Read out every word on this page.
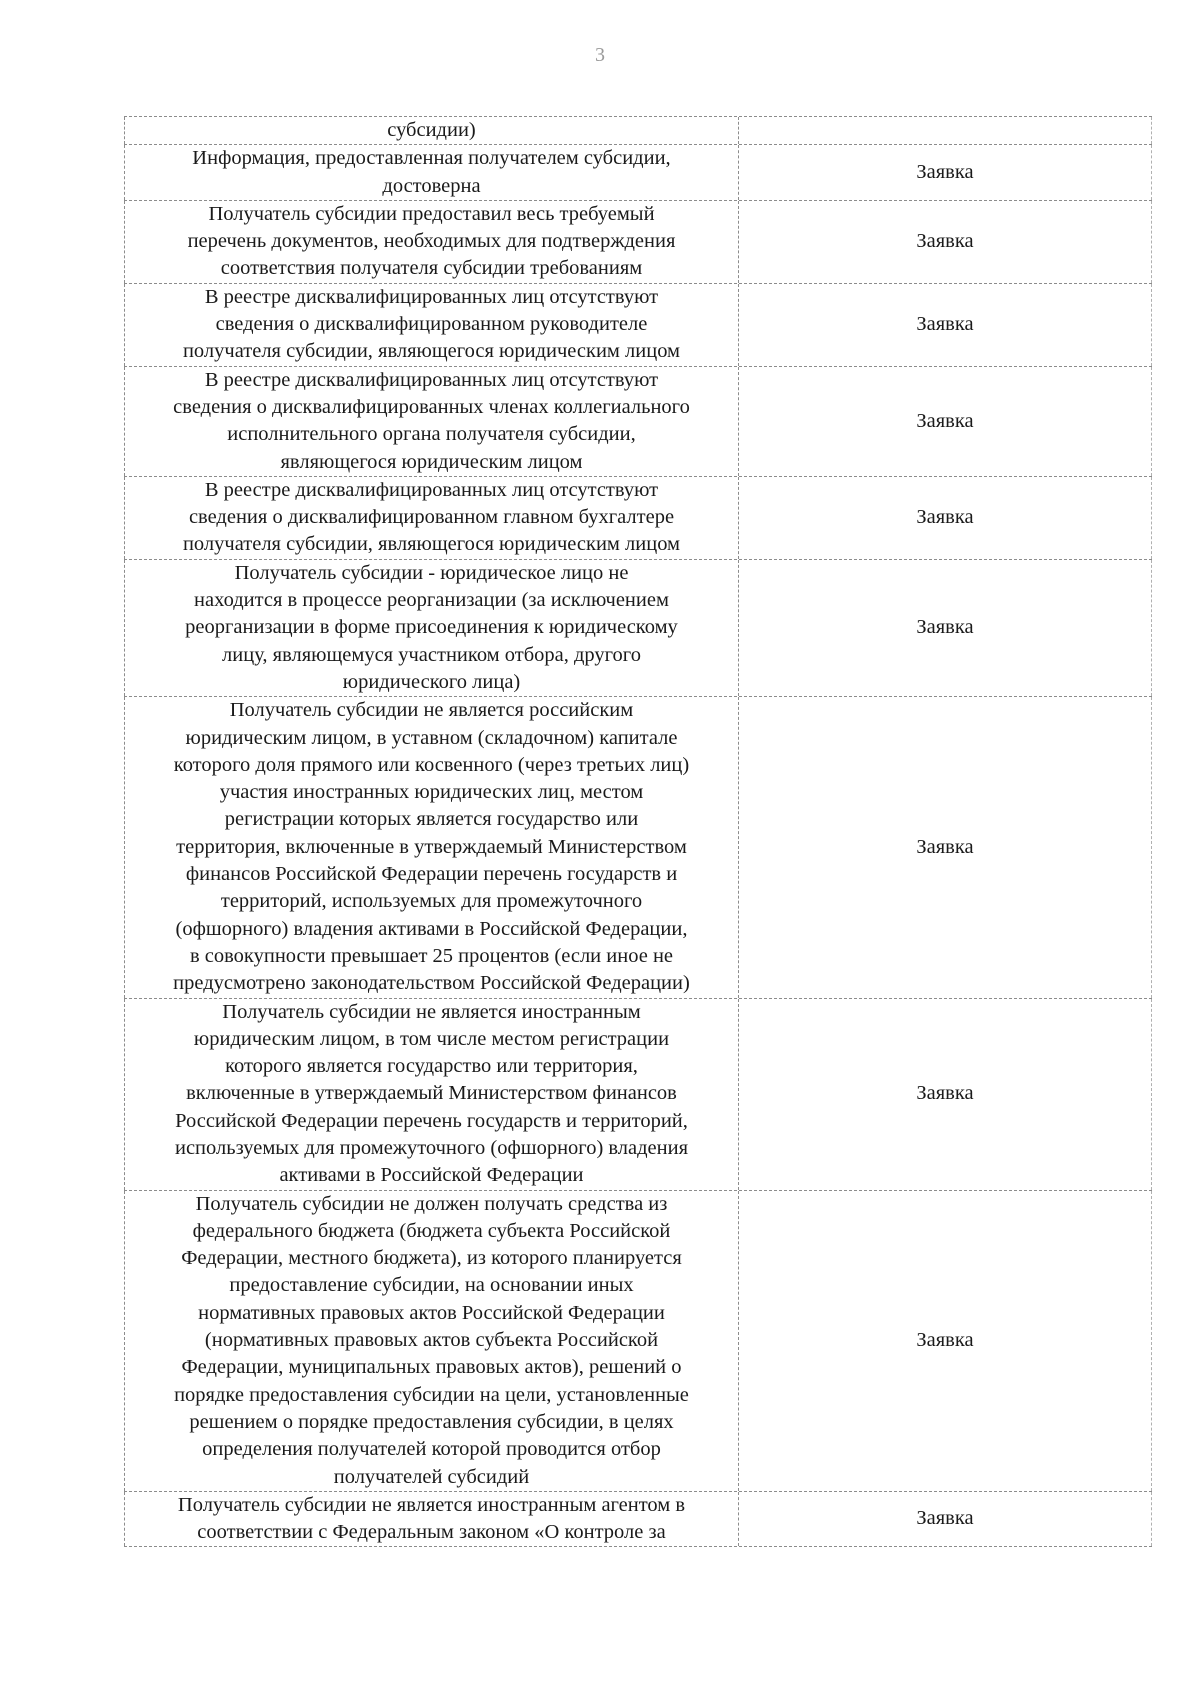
3
субсидии)
Информация, предоставленная получателем субсидии,
достоверна
Заявка
Получатель субсидии предоставил весь требуемый
перечень документов, необходимых для подтверждения
соответствия получателя субсидии требованиям
Заявка
В реестре дисквалифицированных лиц отсутствуют
сведения о дисквалифицированном руководителе
получателя субсидии, являющегося юридическим лицом
Заявка
В реестре дисквалифицированных лиц отсутствуют
сведения о дисквалифицированных членах коллегиального
исполнительного органа получателя субсидии,
являющегося юридическим лицом
Заявка
В реестре дисквалифицированных лиц отсутствуют
сведения о дисквалифицированном главном бухгалтере
получателя субсидии, являющегося юридическим лицом
Заявка
Получатель субсидии - юридическое лицо не
находится в процессе реорганизации (за исключением
реорганизации в форме присоединения к юридическому
лицу, являющемуся участником отбора, другого
юридического лица)
Заявка
Получатель субсидии не является российским
юридическим лицом, в уставном (складочном) капитале
которого доля прямого или косвенного (через третьих лиц)
участия иностранных юридических лиц, местом
регистрации которых является государство или
территория, включенные в утверждаемый Министерством
финансов Российской Федерации перечень государств и
территорий, используемых для промежуточного
(офшорного) владения активами в Российской Федерации,
в совокупности превышает 25 процентов (если иное не
предусмотрено законодательством Российской Федерации)
Заявка
Получатель субсидии не является иностранным
юридическим лицом, в том числе местом регистрации
которого является государство или территория,
включенные в утверждаемый Министерством финансов
Российской Федерации перечень государств и территорий,
используемых для промежуточного (офшорного) владения
активами в Российской Федерации
Заявка
Получатель субсидии не должен получать средства из
федерального бюджета (бюджета субъекта Российской
Федерации, местного бюджета), из которого планируется
предоставление субсидии, на основании иных
нормативных правовых актов Российской Федерации
(нормативных правовых актов субъекта Российской
Федерации, муниципальных правовых актов), решений о
порядке предоставления субсидии на цели, установленные
решением о порядке предоставления субсидии, в целях
определения получателей которой проводится отбор
получателей субсидий
Заявка
Получатель субсидии не является иностранным агентом в
соответствии с Федеральным законом «О контроле за
Заявка
